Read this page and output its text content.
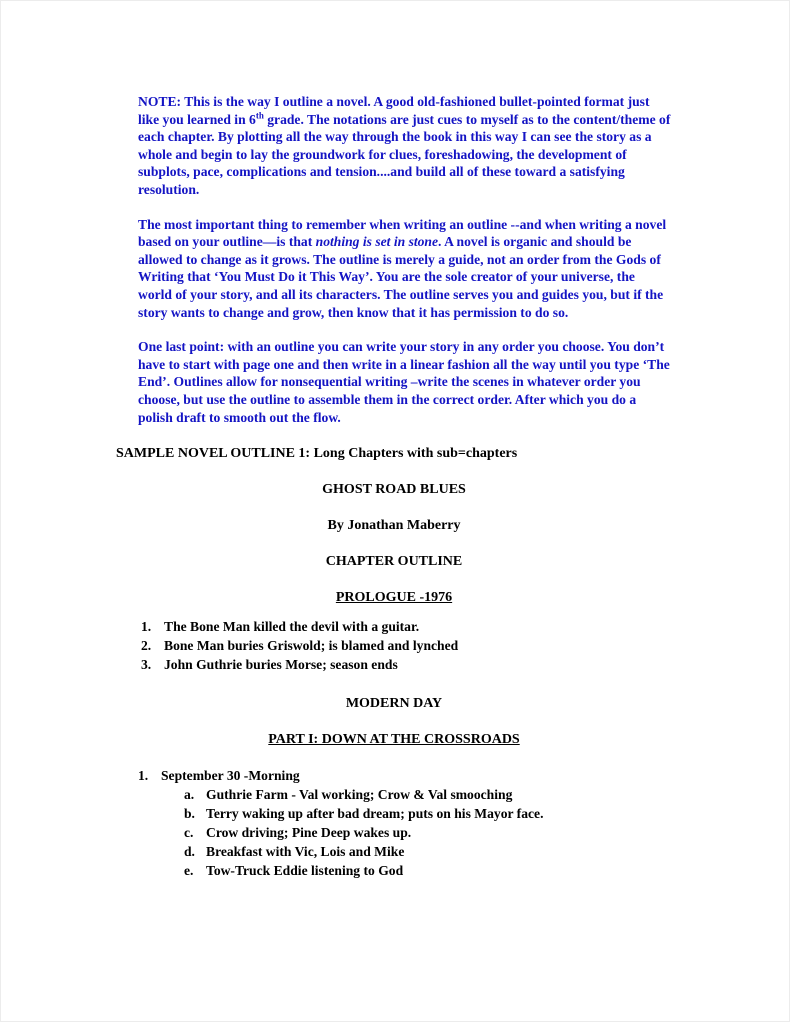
NOTE: This is the way I outline a novel. A good old-fashioned bullet-pointed format just like you learned in 6th grade. The notations are just cues to myself as to the content/theme of each chapter. By plotting all the way through the book in this way I can see the story as a whole and begin to lay the groundwork for clues, foreshadowing, the development of subplots, pace, complications and tension....and build all of these toward a satisfying resolution.

The most important thing to remember when writing an outline --and when writing a novel based on your outline—is that nothing is set in stone. A novel is organic and should be allowed to change as it grows. The outline is merely a guide, not an order from the Gods of Writing that ‘You Must Do it This Way’. You are the sole creator of your universe, the world of your story, and all its characters. The outline serves you and guides you, but if the story wants to change and grow, then know that it has permission to do so.

One last point: with an outline you can write your story in any order you choose. You don’t have to start with page one and then write in a linear fashion all the way until you type ‘The End’. Outlines allow for nonsequential writing –write the scenes in whatever order you choose, but use the outline to assemble them in the correct order. After which you do a polish draft to smooth out the flow.

SAMPLE NOVEL OUTLINE 1: Long Chapters with sub=chapters
GHOST ROAD BLUES
By Jonathan Maberry
CHAPTER OUTLINE
PROLOGUE -1976
1. The Bone Man killed the devil with a guitar.
2. Bone Man buries Griswold; is blamed and lynched
3. John Guthrie buries Morse; season ends
MODERN DAY
PART I: DOWN AT THE CROSSROADS
1. September 30 -Morning
a. Guthrie Farm - Val working; Crow & Val smooching
b. Terry waking up after bad dream; puts on his Mayor face.
c. Crow driving; Pine Deep wakes up.
d. Breakfast with Vic, Lois and Mike
e. Tow-Truck Eddie listening to God
